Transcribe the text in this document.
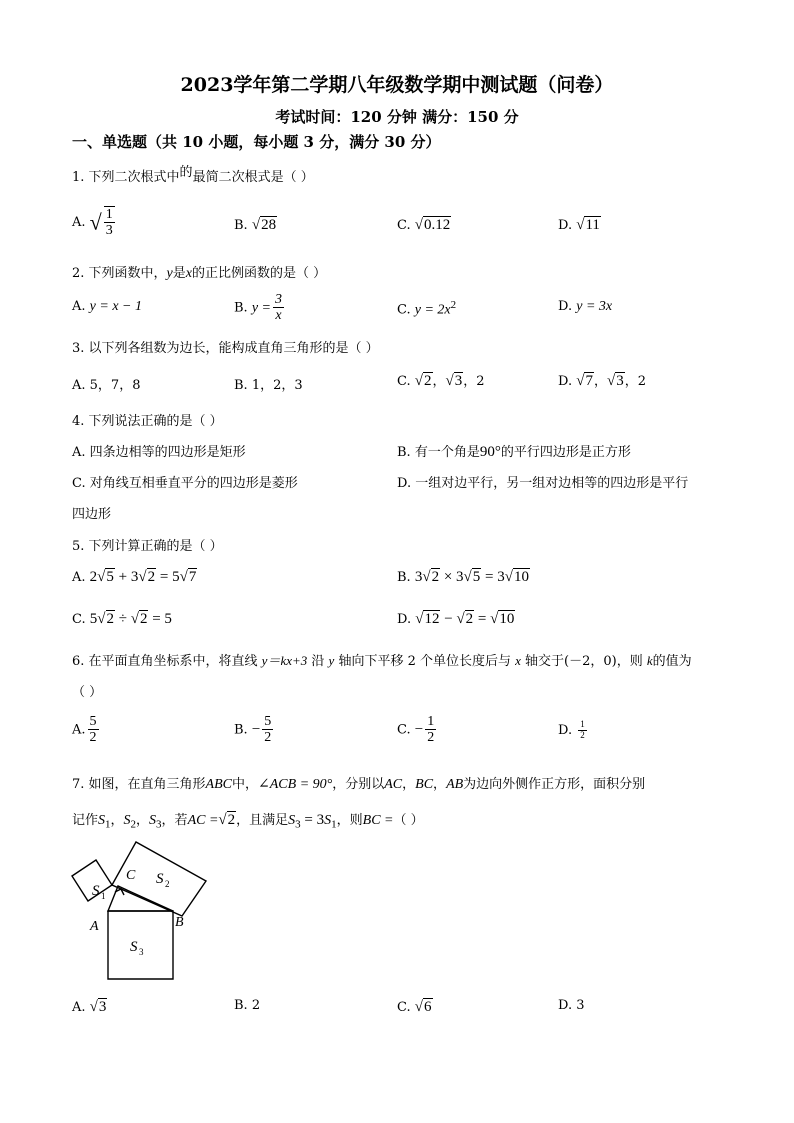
2023学年第二学期八年级数学期中测试题（问卷）
考试时间：120 分钟 满分：150 分
一、单选题（共 10 小题，每小题 3 分，满分 30 分）
1. 下列二次根式中的最简二次根式是（ ）
A. √ $\frac{1}{3}$	B. √28	C. √0.12	D. √11
2. 下列函数中，y是x的正比例函数的是（ ）
A. y = x − 1	B. $y = \frac{3}{x}$	C. $y = 2x^2$	D. y = 3x
3. 以下列各组数为边长，能构成直角三角形的是（ ）
A. 5，7，8	B. 1，2，3	C. √2，√3，2	D. √7，√3，2
4. 下列说法正确的是（ ）
A. 四条边相等的四边形是矩形	B. 有一个角是90°的平行四边形是正方形
C. 对角线互相垂直平分的四边形是菱形	D. 一组对边平行，另一组对边相等的四边形是平行
四边形
5. 下列计算正确的是（ ）
A. 2√5 + 3√2 = 5√7	B. 3√2 × 3√5 = 3√10
C. 5√2 ÷ √2 = 5	D. √12 − √2 = √10
6. 在平面直角坐标系中，将直线 y＝kx+3 沿 y 轴向下平移 2 个单位长度后与 x 轴交于(－2，0)，则 k的值为
（ ）
A. $\frac{5}{2}$	B. − $\frac{5}{2}$	C. − $\frac{1}{2}$	D. $\frac{1}{2}$
7. 如图，在直角三角形ABC中，∠ACB = 90°，分别以AC，BC，AB为边向外侧作正方形，面积分别
记作$S_1$，$S_2$，$S_3$，若AC =√2，且满足$S_3 = 3S_1$，则BC =（ ）
C
S 1
S 2
A	B
S 3
A. √3	B. 2	C. √6	D. 3
